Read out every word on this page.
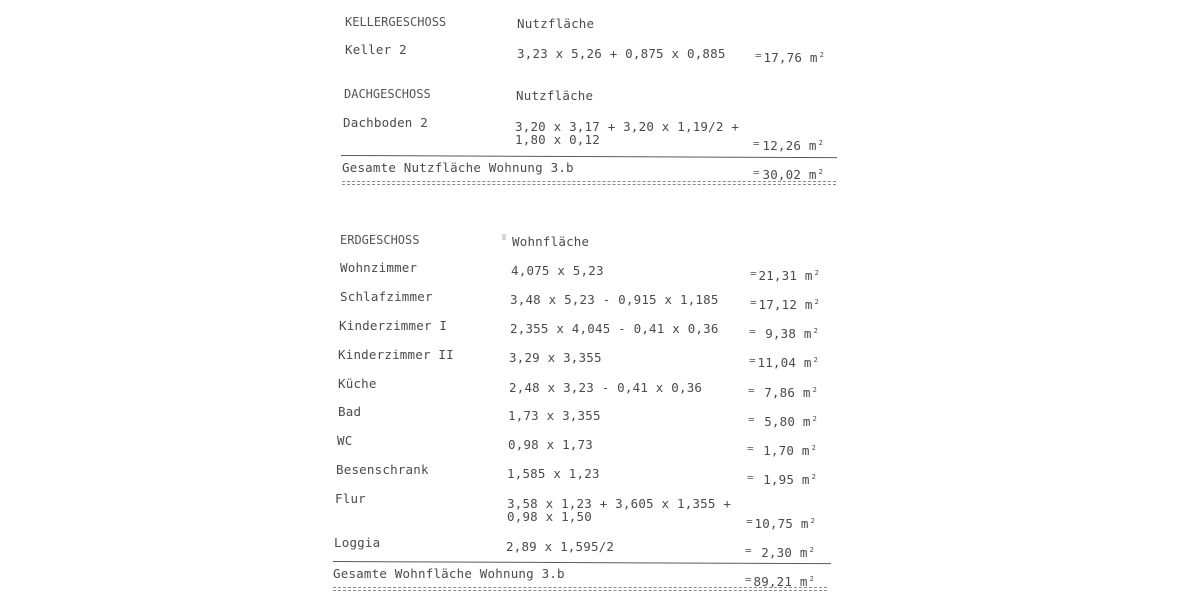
KELLERGESCHOSS	Nutzfläche
Keller 2	3,23 x 5,26 + 0,875 x 0,885	= 17,76 m $^2$
DACHGESCHOSS	Nutzfläche
Dachboden 2	3,20 x 3,17 + 3,20 x 1,19/2 +
1,80 x 0,12	= 12,26 m $^2$
Gesamte Nutzfläche Wohnung 3.b	= 30,02 m $^2$
ERDGESCHOSS	Wohnfläche
Wohnzimmer	4,075 x 5,23	= 21,31 m $^2$
Schlafzimmer	3,48 x 5,23 - 0,915 x 1,185	= 17,12 m $^2$
Kinderzimmer I	2,355 x 4,045 - 0,41 x 0,36	= 9,38 m $^2$
Kinderzimmer II	3,29 x 3,355	= 11,04 m $^2$
Küche	2,48 x 3,23 - 0,41 x 0,36	= 7,86 m $^2$
Bad	1,73 x 3,355	= 5,80 m $^2$
WC	0,98 x 1,73	= 1,70 m $^2$
Besenschrank	1,585 x 1,23	= 1,95 m $^2$
Flur	3,58 x 1,23 + 3,605 x 1,355 +
0,98 x 1,50	= 10,75 m $^2$
Loggia	2,89 x 1,595/2	= 2,30 m $^2$
Gesamte Wohnfläche Wohnung 3.b	= 89,21 m $^2$
